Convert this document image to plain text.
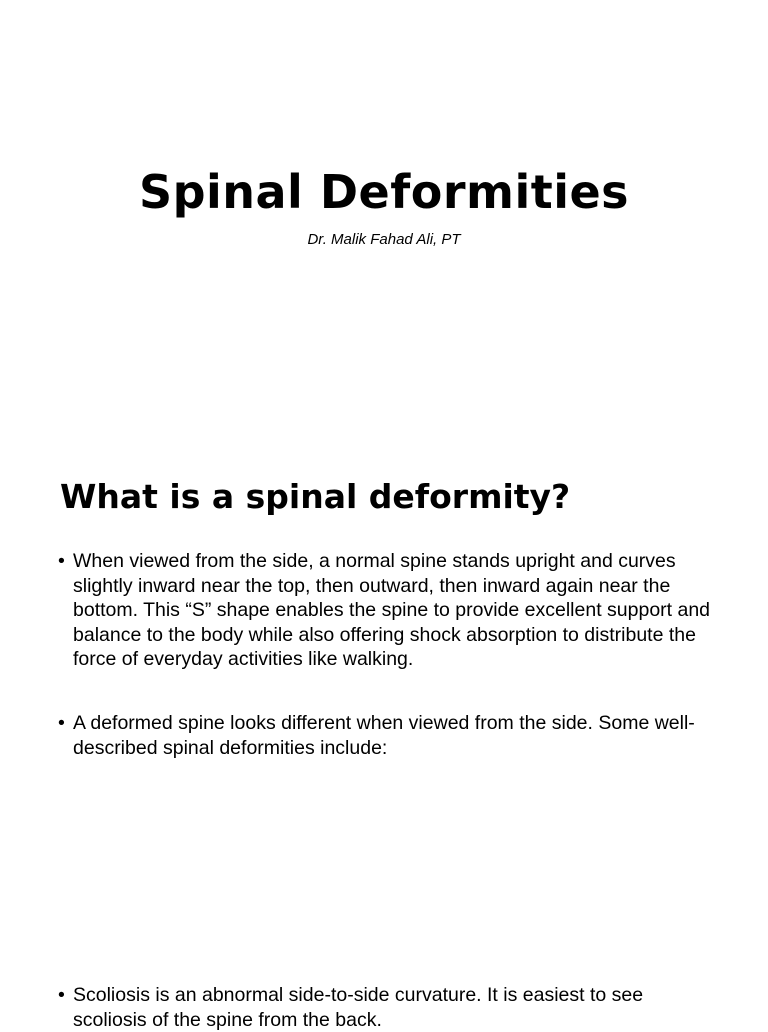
Spinal Deformities

Dr. Malik Fahad Ali, PT

What is a spinal deformity?
• When viewed from the side, a normal spine stands upright and curves slightly inward near the top, then outward, then inward again near the bottom. This “S” shape enables the spine to provide excellent support and balance to the body while also offering shock absorption to distribute the force of everyday activities like walking.
• A deformed spine looks different when viewed from the side. Some well-described spinal deformities include:
• Scoliosis is an abnormal side-to-side curvature. It is easiest to see scoliosis of the spine from the back.
